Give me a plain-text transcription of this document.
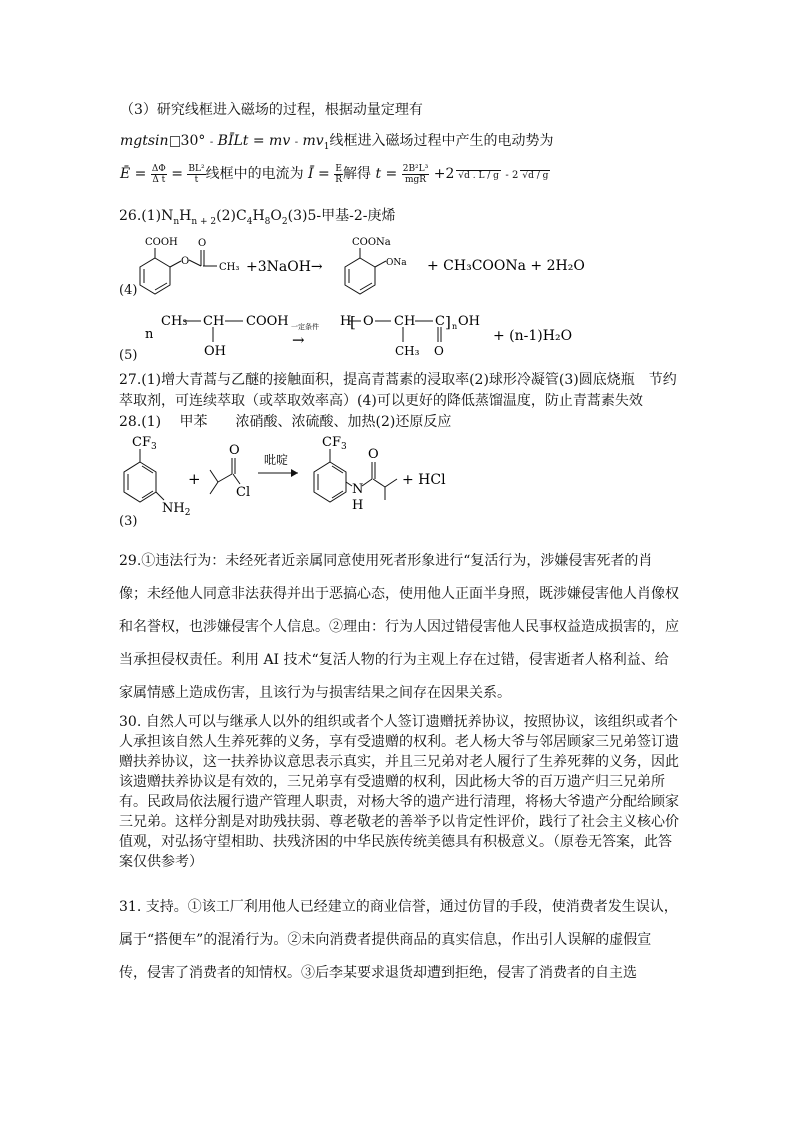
（3）研究线框进入磁场的过程，根据动量定理有
mgtsin 30° - BĪLt = mv - $mv_1$线框进入磁场过程中产生的电动势为
Ē = $\frac{\Delta\Phi}{\text{Δ t}} = \frac{\text{BL²}}{t}$ 线框中的电流为 Ī = $\frac{E}{R}$ 解得 $t = \frac{\text{2B²L³}}{\text{mgR}} +2$ √d . L / g - 2 √d / g
$26.(1)N_nH_{n + 2}(2)C_4H_8O_2(3)5-$甲基-2-庚烯
COOH
O
O
CH₃ +3NaOH→
COONa
ONa + CH₃COONa + 2H₂O
(4)
n
CH₃ CH COOH
OH
一定条件
→
H
[ O CH C ] n OH
CH₃ O
+ (n-1)H₂O
(5)
27.(1)增大青蒿与乙醚的接触面积，提高青蒿素的浸取率(2)球形冷凝管(3)圆底烧瓶　节约
萃取剂，可连续萃取（或萃取效率高）(4)可以更好的降低蒸馏温度，防止青蒿素失效
28.(1)　 甲苯　　浓硝酸、浓硫酸、加热(2)还原反应
$CF_3$
$NH_2$
+
O
Cl
吡啶
$CF_3$
N
H
O
+ HCl
(3)
29.①违法行为：未经死者近亲属同意使用死者形象进行“复活行为，涉嫌侵害死者的肖像；未经他人同意非法获得并出于恶搞心态，使用他人正面半身照，既涉嫌侵害他人肖像权和名誉权，也涉嫌侵害个人信息。②理由：行为人因过错侵害他人民事权益造成损害的，应当承担侵权责任。利用 AI 技术“复活人物的行为主观上存在过错，侵害逝者人格利益、给家属情感上造成伤害，且该行为与损害结果之间存在因果关系。
30. 自然人可以与继承人以外的组织或者个人签订遗赠抚养协议，按照协议，该组织或者个人承担该自然人生养死葬的义务，享有受遗赠的权利。老人杨大爷与邻居顾家三兄弟签订遗赠扶养协议，这一扶养协议意思表示真实，并且三兄弟对老人履行了生养死葬的义务，因此该遗赠扶养协议是有效的，三兄弟享有受遗赠的权利，因此杨大爷的百万遗产归三兄弟所有。民政局依法履行遗产管理人职责，对杨大爷的遗产进行清理，将杨大爷遗产分配给顾家三兄弟。这样分割是对助残扶弱、尊老敬老的善举予以肯定性评价，践行了社会主义核心价值观，对弘扬守望相助、扶残济困的中华民族传统美德具有积极意义。（原卷无答案，此答案仅供参考）
31. 支持。①该工厂利用他人已经建立的商业信誉，通过仿冒的手段，使消费者发生误认，属于“搭便车”的混淆行为。②未向消费者提供商品的真实信息，作出引人误解的虚假宣传，侵害了消费者的知情权。③后李某要求退货却遭到拒绝，侵害了消费者的自主选
